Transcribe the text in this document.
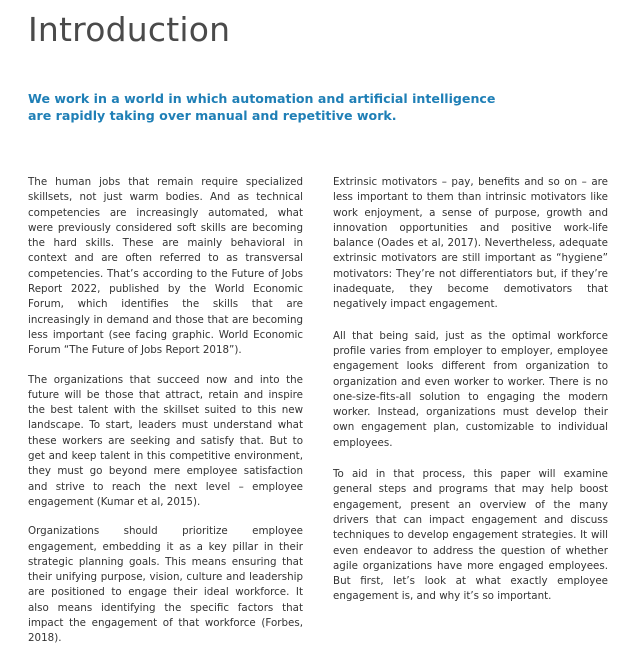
Introduction

We work in a world in which automation and artificial intelligence are rapidly taking over manual and repetitive work.

The human jobs that remain require specialized skillsets, not just warm bodies. And as technical competencies are increasingly automated, what were previously considered soft skills are becoming the hard skills. These are mainly behavioral in context and are often referred to as transversal competencies. That’s according to the Future of Jobs Report 2022, published by the World Economic Forum, which identifies the skills that are increasingly in demand and those that are becoming less important (see facing graphic. World Economic Forum “The Future of Jobs Report 2018”).

The organizations that succeed now and into the future will be those that attract, retain and inspire the best talent with the skillset suited to this new landscape. To start, leaders must understand what these workers are seeking and satisfy that. But to get and keep talent in this competitive environment, they must go beyond mere employee satisfaction and strive to reach the next level – employee engagement (Kumar et al, 2015).

Organizations should prioritize employee engagement, embedding it as a key pillar in their strategic planning goals. This means ensuring that their unifying purpose, vision, culture and leadership are positioned to engage their ideal workforce. It also means identifying the specific factors that impact the engagement of that workforce (Forbes, 2018).

Extrinsic motivators – pay, benefits and so on – are less important to them than intrinsic motivators like work enjoyment, a sense of purpose, growth and innovation opportunities and positive work-life balance (Oades et al, 2017). Nevertheless, adequate extrinsic motivators are still important as “hygiene” motivators: They’re not differentiators but, if they’re inadequate, they become demotivators that negatively impact engagement.

All that being said, just as the optimal workforce profile varies from employer to employer, employee engagement looks different from organization to organization and even worker to worker. There is no one-size-fits-all solution to engaging the modern worker. Instead, organizations must develop their own engagement plan, customizable to individual employees.

To aid in that process, this paper will examine general steps and programs that may help boost engagement, present an overview of the many drivers that can impact engagement and discuss techniques to develop engagement strategies. It will even endeavor to address the question of whether agile organizations have more engaged employees. But first, let’s look at what exactly employee engagement is, and why it’s so important.
